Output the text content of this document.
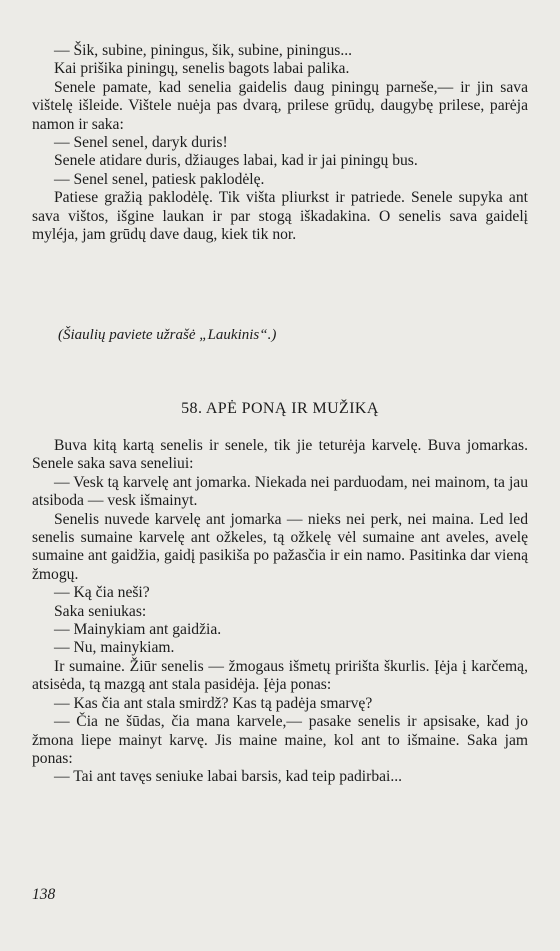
— Šik, subine, piningus, šik, subine, piningus...

Kai prišika piningų, senelis bagots labai palika.

Senele pamate, kad senelia gaidelis daug piningų parneše,— ir jin sava vištelę išleide. Vištele nuėja pas dvarą, prilese grūdų, daugybę prilese, parėja namon ir saka:

— Senel senel, daryk duris!

Senele atidare duris, džiauges labai, kad ir jai piningų bus.

— Senel senel, patiesk paklodėlę.

Patiese gražią paklodėlę. Tik višta pliurkst ir patriede. Senele supyka ant sava vištos, išgine laukan ir par stogą iškadakina. O senelis sava gaidelį myléja, jam grūdų dave daug, kiek tik nor.

(Šiaulių paviete užrašė „Laukinis“.)
58. APĖ PONĄ IR MUŽIKĄ

Buva kitą kartą senelis ir senele, tik jie teturėja karvelę. Buva jomarkas. Senele saka sava seneliui:

— Vesk tą karvelę ant jomarka. Niekada nei parduodam, nei mainom, ta jau atsiboda — vesk išmainyt.

Senelis nuvede karvelę ant jomarka — nieks nei perk, nei maina. Led led senelis sumaine karvelę ant ožkeles, tą ožkelę vėl sumaine ant aveles, avelę sumaine ant gaidžia, gaidį pasikiša po pažasčia ir ein namo. Pasitinka dar vieną žmogų.

— Ką čia neši?

Saka seniukas:

— Mainykiam ant gaidžia.

— Nu, mainykiam.

Ir sumaine. Žiūr senelis — žmogaus išmetų pririšta škurlis. Įėja į karčemą, atsisėda, tą mazgą ant stala pasidėja. Įėja ponas:

— Kas čia ant stala smirdž? Kas tą padėja smarvę?

— Čia ne šūdas, čia mana karvele,— pasake senelis ir apsisake, kad jo žmona liepe mainyt karvę. Jis maine maine, kol ant to išmaine. Saka jam ponas:

— Tai ant tavęs seniuke labai barsis, kad teip padirbai...

138
